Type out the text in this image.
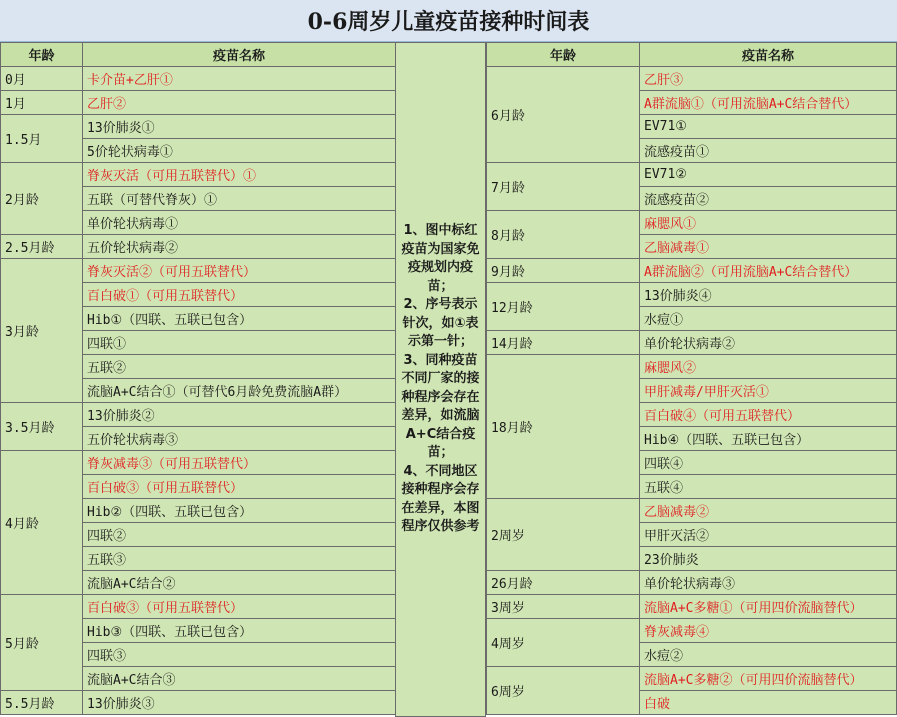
0-6周岁儿童疫苗接种时间表
年龄	疫苗名称
0月	卡介苗+乙肝①
1月	乙肝②
1.5月	13价肺炎①
	5价轮状病毒①
2月龄	脊灰灭活（可用五联替代）①
	五联（可替代脊灰）①
	单价轮状病毒①
2.5月龄	五价轮状病毒②
3月龄	脊灰灭活②（可用五联替代）
	百白破①（可用五联替代）
	Hib①（四联、五联已包含）
	四联①
	五联②
	流脑A+C结合①（可替代6月龄免费流脑A群）
3.5月龄	13价肺炎②
	五价轮状病毒③
4月龄	脊灰减毒③（可用五联替代）
	百白破③（可用五联替代）
	Hib②（四联、五联已包含）
	四联②
	五联③
	流脑A+C结合②
5月龄	百白破③（可用五联替代）
	Hib③（四联、五联已包含）
	四联③
	流脑A+C结合③
5.5月龄	13价肺炎③
1、图中标红疫苗为国家免疫规划内疫苗；
2、序号表示针次，如①表示第一针；
3、同种疫苗不同厂家的接种程序会存在差异，如流脑A+C结合疫苗；
4、不同地区接种程序会存在差异，本图程序仅供参考
年龄	疫苗名称
6月龄	乙肝③
	A群流脑①（可用流脑A+C结合替代）
	EV71①
	流感疫苗①
7月龄	EV71②
	流感疫苗②
8月龄	麻腮风①
	乙脑减毒①
9月龄	A群流脑②（可用流脑A+C结合替代）
12月龄	13价肺炎④
	水痘①
14月龄	单价轮状病毒②
18月龄	麻腮风②
	甲肝减毒/甲肝灭活①
	百白破④（可用五联替代）
	Hib④（四联、五联已包含）
	四联④
	五联④
2周岁	乙脑减毒②
	甲肝灭活②
	23价肺炎
26月龄	单价轮状病毒③
3周岁	流脑A+C多糖①（可用四价流脑替代）
4周岁	脊灰减毒④
	水痘②
6周岁	流脑A+C多糖②（可用四价流脑替代）
	白破
